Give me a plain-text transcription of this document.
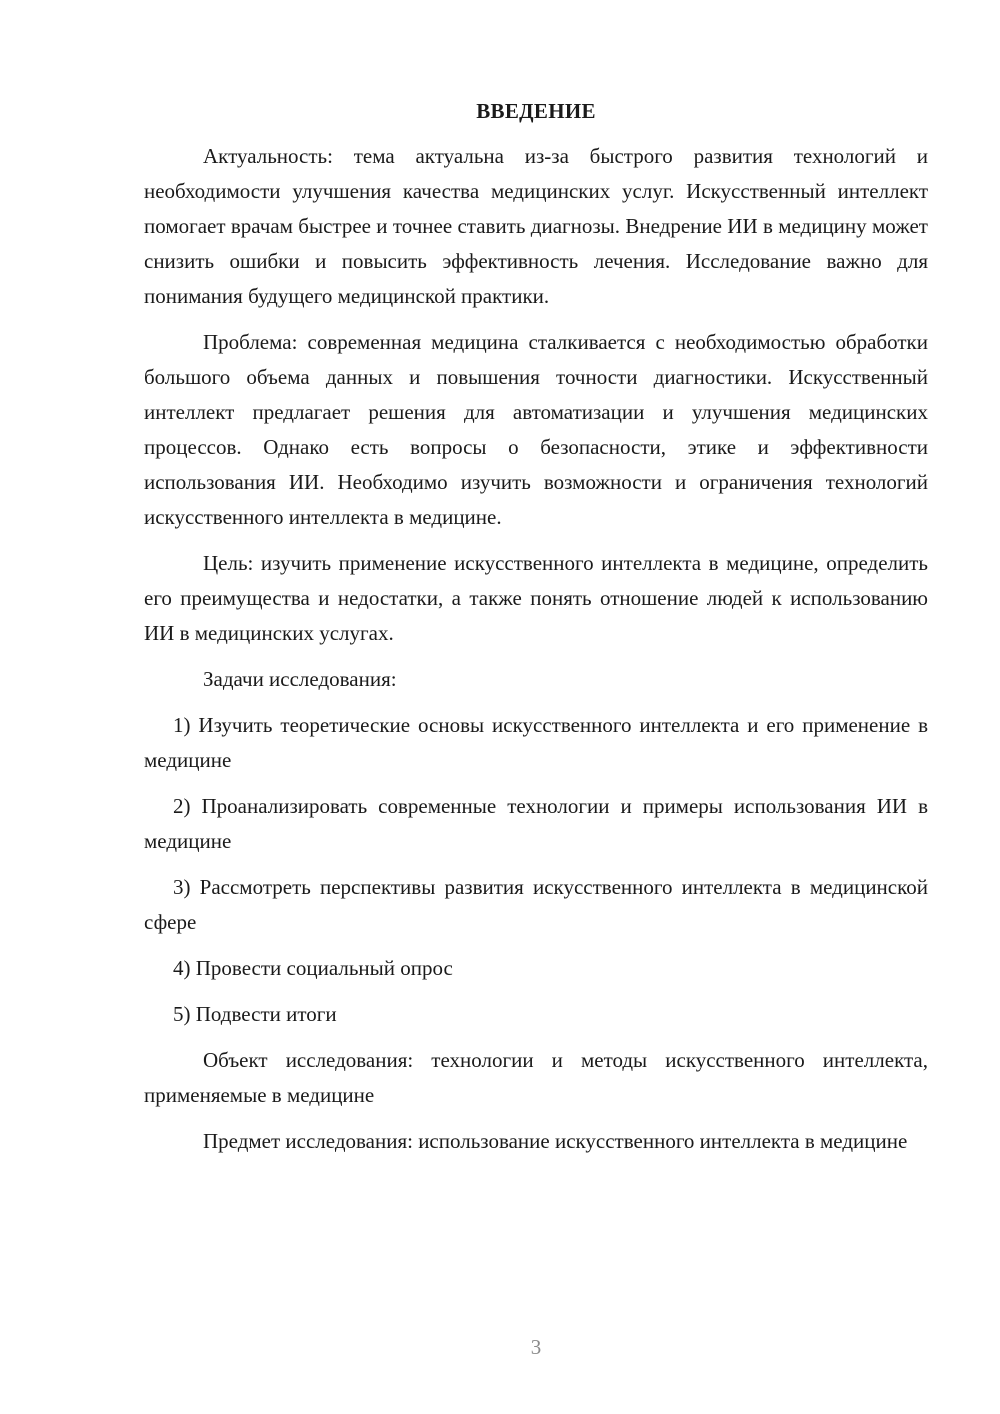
ВВЕДЕНИЕ

Актуальность: тема актуальна из-за быстрого развития технологий и необходимости улучшения качества медицинских услуг. Искусственный интеллект помогает врачам быстрее и точнее ставить диагнозы. Внедрение ИИ в медицину может снизить ошибки и повысить эффективность лечения. Исследование важно для понимания будущего медицинской практики.

Проблема: современная медицина сталкивается с необходимостью обработки большого объема данных и повышения точности диагностики. Искусственный интеллект предлагает решения для автоматизации и улучшения медицинских процессов. Однако есть вопросы о безопасности, этике и эффективности использования ИИ. Необходимо изучить возможности и ограничения технологий искусственного интеллекта в медицине.

Цель: изучить применение искусственного интеллекта в медицине, определить его преимущества и недостатки, а также понять отношение людей к использованию ИИ в медицинских услугах.

Задачи исследования:

1) Изучить теоретические основы искусственного интеллекта и его применение в медицине

2) Проанализировать современные технологии и примеры использования ИИ в медицине

3) Рассмотреть перспективы развития искусственного интеллекта в медицинской сфере

4) Провести социальный опрос

5) Подвести итоги

Объект исследования: технологии и методы искусственного интеллекта, применяемые в медицине

Предмет исследования: использование искусственного интеллекта в медицине

3
